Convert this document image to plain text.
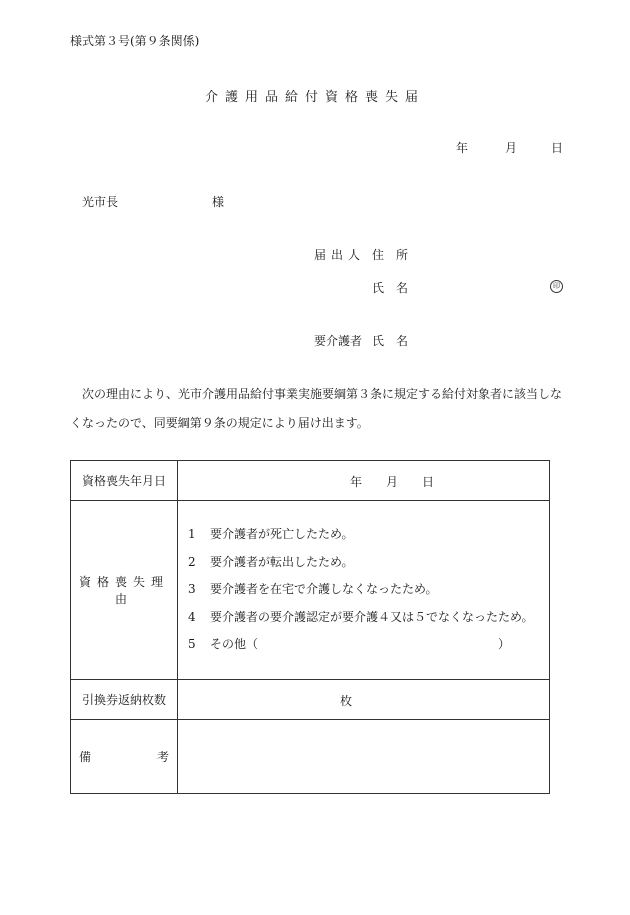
様式第３号(第９条関係)
介護用品給付資格喪失届
年	月	日
光市長	様
届出人 住　所
氏　名	印
要介護者 氏　名
次の理由により、光市介護用品給付事業実施要綱第３条に規定する給付対象者に該当しなくなったので、同要綱第９条の規定により届け出ます。
資格喪失年月日	年 月 日

資格喪失理由	1 要介護者が死亡したため。
2 要介護者が転出したため。
3 要介護者を在宅で介護しなくなったため。
4 要介護者の要介護認定が要介護４又は５でなくなったため。
5 その他（　　　　　　　　　　　　　　　　　　　　）

引換券返納枚数	枚

備 考	
